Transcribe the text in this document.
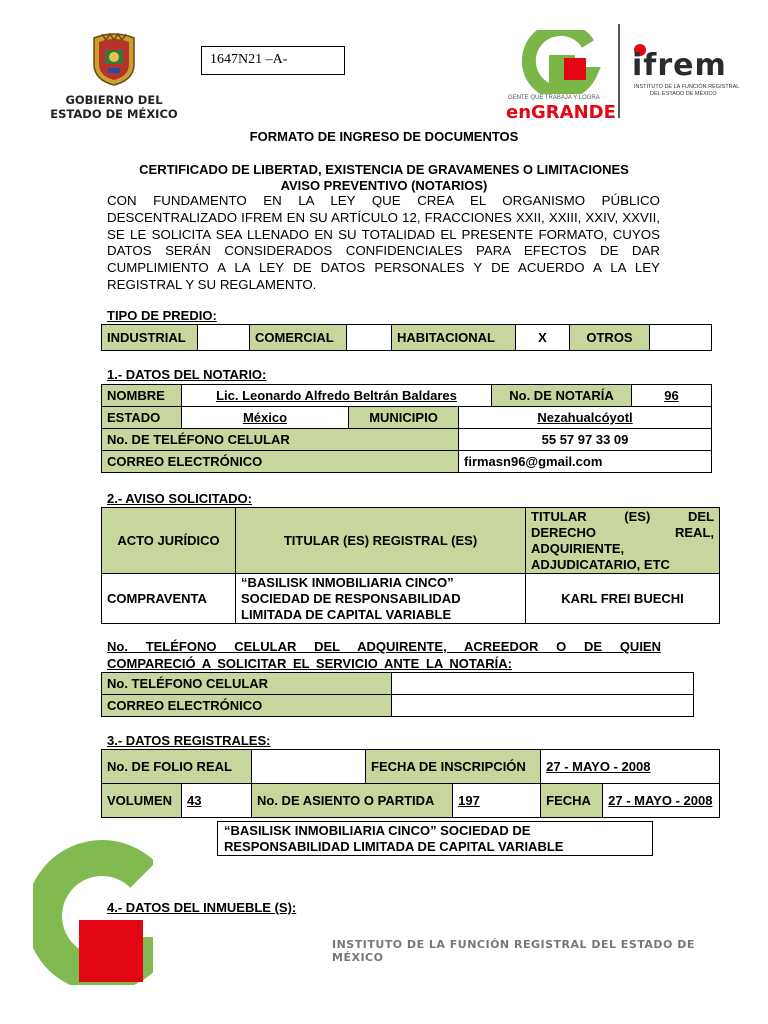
GOBIERNO DEL
ESTADO DE MÉXICO
1647N21 –A-
GENTE QUE TRABAJA Y LOGRA
enGRANDE
ifrem
INSTITUTO DE LA FUNCIÓN REGISTRAL
DEL ESTADO DE MÉXICO
FORMATO DE INGRESO DE DOCUMENTOS
CERTIFICADO DE LIBERTAD, EXISTENCIA DE GRAVAMENES O LIMITACIONES
AVISO PREVENTIVO (NOTARIOS)

CON FUNDAMENTO EN LA LEY QUE CREA EL ORGANISMO PÚBLICO DESCENTRALIZADO IFREM EN SU ARTÍCULO 12, FRACCIONES XXII, XXIII, XXIV, XXVII, SE LE SOLICITA SEA LLENADO EN SU TOTALIDAD EL PRESENTE FORMATO, CUYOS DATOS SERÁN CONSIDERADOS CONFIDENCIALES PARA EFECTOS DE DAR CUMPLIMIENTO A LA LEY DE DATOS PERSONALES Y DE ACUERDO A LA LEY REGISTRAL Y SU REGLAMENTO.

TIPO DE PREDIO:
INDUSTRIAL		COMERCIAL		HABITACIONAL	X	OTROS	
1.- DATOS DEL NOTARIO:
NOMBRE	Lic. Leonardo Alfredo Beltrán Baldares			No. DE NOTARÍA	96
ESTADO	México	MUNICIPIO	Nezahualcóyotl		
No. DE TELÉFONO CELULAR			55 57 97 33 09		
CORREO ELECTRÓNICO			firmasn96@gmail.com		
2.- AVISO SOLICITADO:
ACTO JURÍDICO	TITULAR (ES) REGISTRAL (ES)	TITULAR (ES) DEL DERECHO REAL, ADQUIRIENTE, ADJUDICATARIO, ETC
COMPRAVENTA	“BASILISK INMOBILIARIA CINCO” SOCIEDAD DE RESPONSABILIDAD LIMITADA DE CAPITAL VARIABLE	KARL FREI BUECHI
No. TELÉFONO CELULAR DEL ADQUIRENTE, ACREEDOR O DE QUIEN COMPARECIÓ A SOLICITAR EL SERVICIO ANTE LA NOTARÍA:
No. TELÉFONO CELULAR	
CORREO ELECTRÓNICO	
3.- DATOS REGISTRALES:
No. DE FOLIO REAL			FECHA DE INSCRIPCIÓN		27 - MAYO - 2008	
VOLUMEN	43	No. DE ASIENTO O PARTIDA		197	FECHA	27 - MAYO - 2008
“BASILISK INMOBILIARIA CINCO” SOCIEDAD DE RESPONSABILIDAD LIMITADA DE CAPITAL VARIABLE
4.- DATOS DEL INMUEBLE (S):
INSTITUTO DE LA FUNCIÓN REGISTRAL DEL ESTADO DE MÉXICO
